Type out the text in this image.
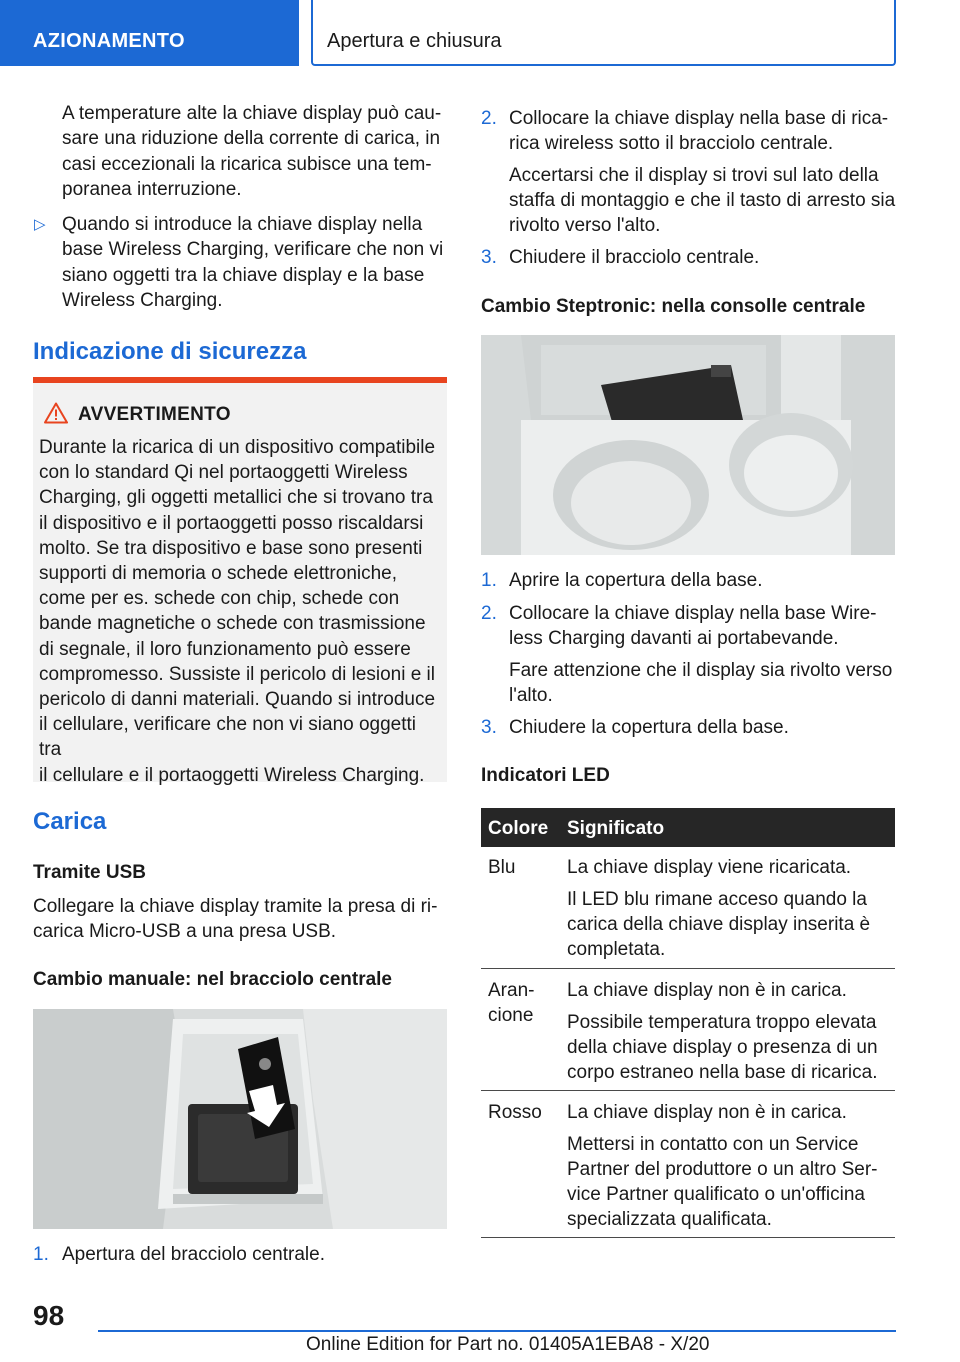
AZIONAMENTO	Apertura e chiusura
A temperature alte la chiave display può cau-
sare una riduzione della corrente di carica, in
casi eccezionali la ricarica subisce una tem-
poranea interruzione.
▷ Quando si introduce la chiave display nella
base Wireless Charging, verificare che non vi
siano oggetti tra la chiave display e la base
Wireless Charging.
Indicazione di sicurezza
AVVERTIMENTO
Durante la ricarica di un dispositivo compatibile
con lo standard Qi nel portaoggetti Wireless
Charging, gli oggetti metallici che si trovano tra
il dispositivo e il portaoggetti posso riscaldarsi
molto. Se tra dispositivo e base sono presenti
supporti di memoria o schede elettroniche,
come per es. schede con chip, schede con
bande magnetiche o schede con trasmissione
di segnale, il loro funzionamento può essere
compromesso. Sussiste il pericolo di lesioni e il
pericolo di danni materiali. Quando si introduce
il cellulare, verificare che non vi siano oggetti tra
il cellulare e il portaoggetti Wireless Charging.
Carica
Tramite USB
Collegare la chiave display tramite la presa di ri-
carica Micro-USB a una presa USB.
Cambio manuale: nel bracciolo centrale
1. Apertura del bracciolo centrale.
2. Collocare la chiave display nella base di rica-
rica wireless sotto il bracciolo centrale.
Accertarsi che il display si trovi sul lato della
staffa di montaggio e che il tasto di arresto sia
rivolto verso l'alto.
3. Chiudere il bracciolo centrale.
Cambio Steptronic: nella consolle centrale
1. Aprire la copertura della base.
2. Collocare la chiave display nella base Wire-
less Charging davanti ai portabevande.
Fare attenzione che il display sia rivolto verso
l'alto.
3. Chiudere la copertura della base.
Indicatori LED
Colore Significato
Blu	La chiave display viene ricaricata.
Il LED blu rimane acceso quando la
carica della chiave display inserita è
completata.
Aran-
cione
La chiave display non è in carica.
Possibile temperatura troppo elevata
della chiave display o presenza di un
corpo estraneo nella base di ricarica.
Rosso La chiave display non è in carica.
Mettersi in contatto con un Service
Partner del produttore o un altro Ser-
vice Partner qualificato o un'officina
specializzata qualificata.
98
Online Edition for Part no. 01405A1EBA8 - X/20
